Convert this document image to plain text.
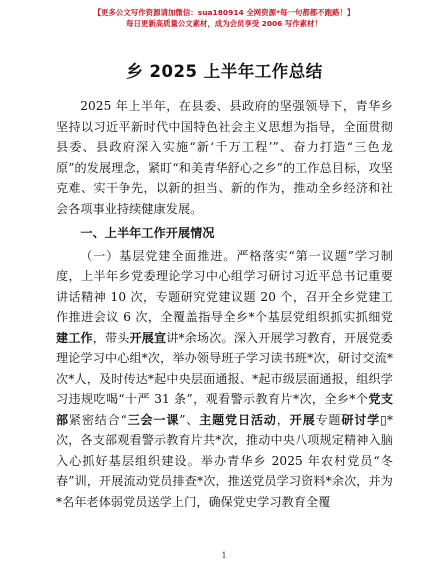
【更多公文写作资源请加微信：sua180914 全网资源*每一句都都不跑路！】
每日更新高质量公文素材，成为会员享受 2006 写作素材！
乡 2025 上半年工作总结

2025 年上半年，在县委、县政府的坚强领导下，青华乡坚持以习近平新时代中国特色社会主义思想为指导，全面贯彻县委、县政府深入实施“新‘千万工程’”、奋力打造“三色龙原”的发展理念，紧盯“和美青华舒心之乡”的工作总目标，攻坚克难、实干争先，以新的担当、新的作为，推动全乡经济和社会各项事业持续健康发展。

一、上半年工作开展情况

（一）基层党建全面推进。严格落实“第一议题”学习制度，上半年乡党委理论学习中心组学习研讨习近平总书记重要讲话精神 10 次，专题研究党建议题 20 个，召开全乡党建工作推进会议 6 次，全覆盖指导全乡*个基层党组织抓实抓细党建工作，带头开展宣讲*余场次。深入开展学习教育，开展党委理论学习中心组*次，举办领导班子学习读书班*次，研讨交流*次*人，及时传达*起中央层面通报、*起市级层面通报，组织学习违规吃喝“十严 31 条”，观看警示教育片*次，全乡*个党支部紧密结合“三会一课”、主题党日活动，开展专题研讨学▯*次，各支部观看警示教育片共*次，推动中央八项规定精神入脑入心抓好基层组织建设。举办青华乡 2025 年农村党员“冬春”训，开展流动党员排查*次，推送党员学习资料*余次，并为*名年老体弱党员送学上门，确保党史学习教育全覆

1
